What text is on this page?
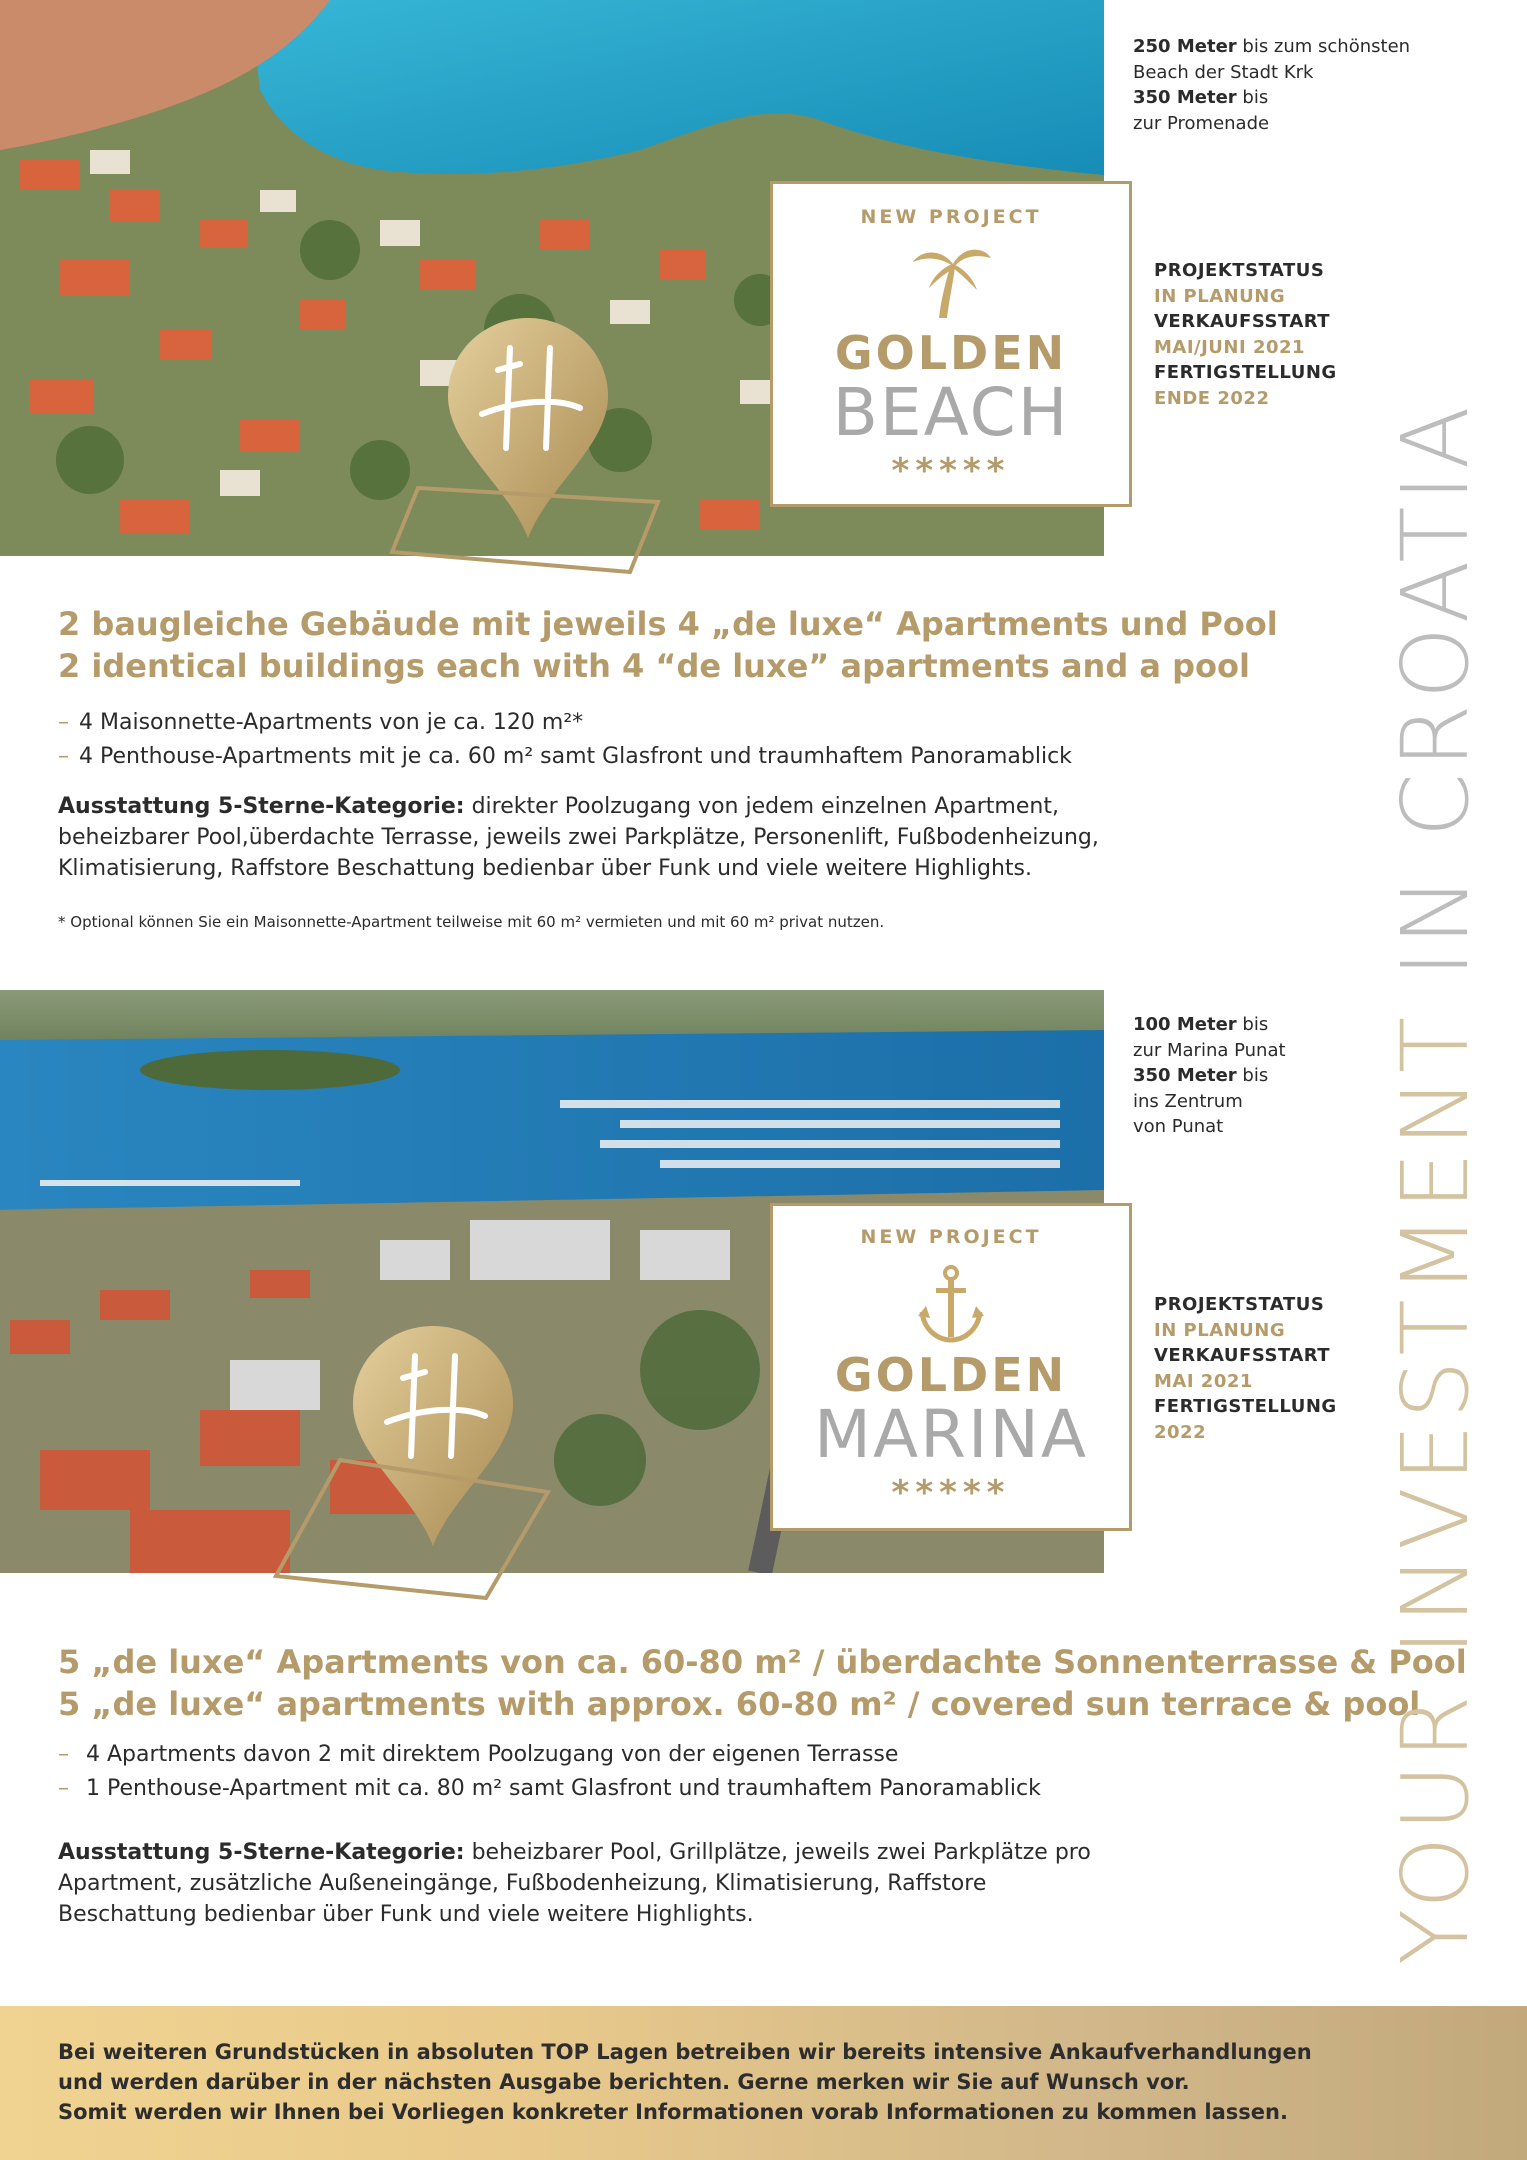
NEW PROJECT
GOLDEN
BEACH
*****
250 Meter bis zum schönsten
Beach der Stadt Krk
350 Meter bis
zur Promenade
PROJEKTSTATUS
IN PLANUNG
VERKAUFSSTART
MAI/JUNI 2021
FERTIGSTELLUNG
ENDE 2022
2 baugleiche Gebäude mit jeweils 4 „de luxe“ Apartments und Pool
2 identical buildings each with 4 “de luxe” apartments and a pool
– 4 Maisonnette-Apartments von je ca. 120 m²*
– 4 Penthouse-Apartments mit je ca. 60 m² samt Glasfront und traumhaftem Panoramablick
Ausstattung 5-Sterne-Kategorie: direkter Poolzugang von jedem einzelnen Apartment,
beheizbarer Pool,überdachte Terrasse, jeweils zwei Parkplätze, Personenlift, Fußbodenheizung,
Klimatisierung, Raffstore Beschattung bedienbar über Funk und viele weitere Highlights.
* Optional können Sie ein Maisonnette-Apartment teilweise mit 60 m² vermieten und mit 60 m² privat nutzen.
NEW PROJECT
GOLDEN
MARINA
*****
100 Meter bis
zur Marina Punat
350 Meter bis
ins Zentrum
von Punat
PROJEKTSTATUS
IN PLANUNG
VERKAUFSSTART
MAI 2021
FERTIGSTELLUNG
2022
5 „de luxe“ Apartments von ca. 60-80 m² / überdachte Sonnenterrasse & Pool
5 „de luxe“ apartments with approx. 60-80 m² / covered sun terrace & pool
– 4 Apartments davon 2 mit direktem Poolzugang von der eigenen Terrasse
– 1 Penthouse-Apartment mit ca. 80 m² samt Glasfront und traumhaftem Panoramablick
Ausstattung 5-Sterne-Kategorie: beheizbarer Pool, Grillplätze, jeweils zwei Parkplätze pro
Apartment, zusätzliche Außeneingänge, Fußbodenheizung, Klimatisierung, Raffstore
Beschattung bedienbar über Funk und viele weitere Highlights.	YOUR INVESTMENT IN CROATIA
Bei weiteren Grundstücken in absoluten TOP Lagen betreiben wir bereits intensive Ankaufverhandlungen
und werden darüber in der nächsten Ausgabe berichten. Gerne merken wir Sie auf Wunsch vor.
Somit werden wir Ihnen bei Vorliegen konkreter Informationen vorab Informationen zu kommen lassen.
